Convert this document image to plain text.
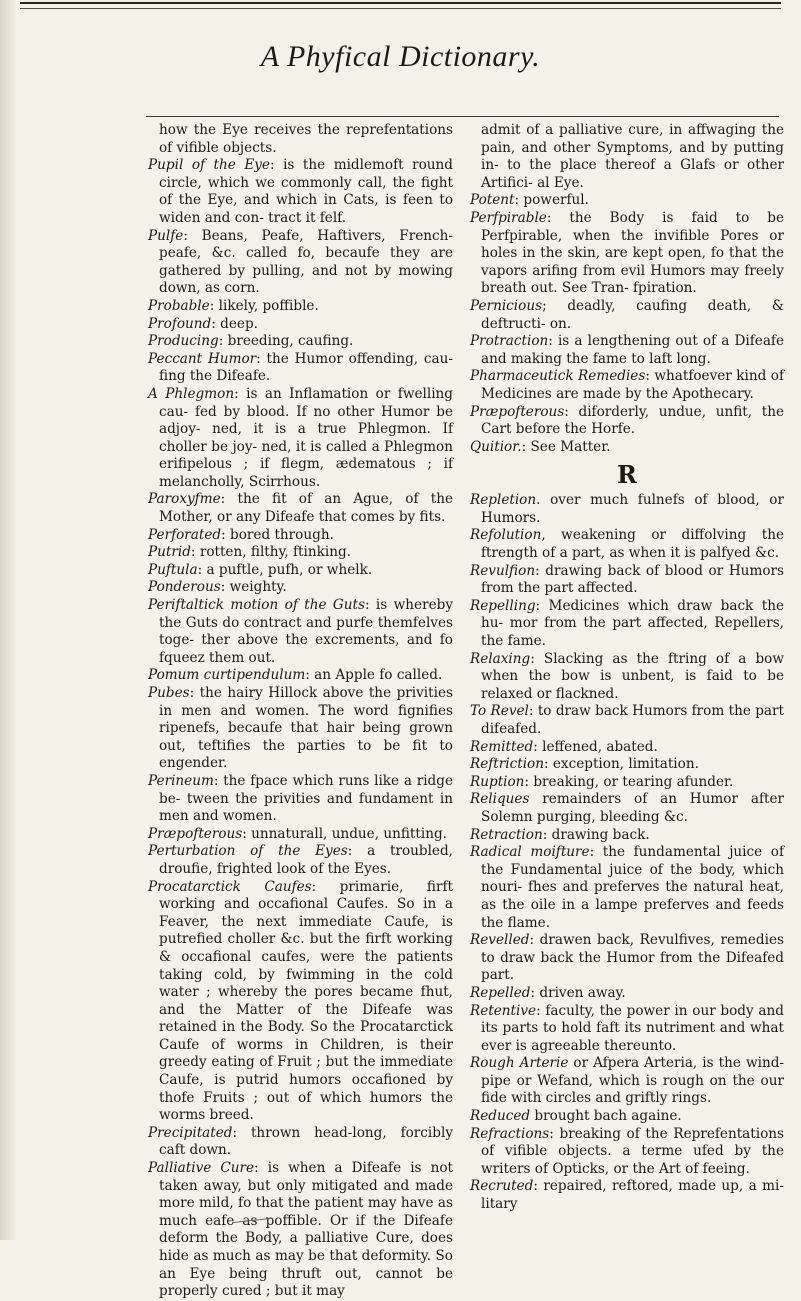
A Phyfical Dictionary.

how the Eye receives the reprefentations of vifible objects.

Pupil of the Eye: is the midlemoft round circle, which we commonly call, the fight of the Eye, and which in Cats, is feen to widen and con- tract it felf.

Pulfe: Beans, Peafe, Haftivers, French-peafe, &c. called fo, becaufe they are gathered by pulling, and not by mowing down, as corn.

Probable: likely, poffible.

Profound: deep.

Producing: breeding, caufing.

Peccant Humor: the Humor offending, cau- fing the Difeafe.

A Phlegmon: is an Inflamation or fwelling cau- fed by blood. If no other Humor be adjoy- ned, it is a true Phlegmon. If choller be joy- ned, it is called a Phlegmon erifipelous ; if flegm, ædematous ; if melancholly, Scirrhous.

Paroxyfme: the fit of an Ague, of the Mother, or any Difeafe that comes by fits.

Perforated: bored through.

Putrid: rotten, filthy, ftinking.

Puftula: a puftle, pufh, or whelk.

Ponderous: weighty.

Periftaltick motion of the Guts: is whereby the Guts do contract and purfe themfelves toge- ther above the excrements, and fo fqueez them out.

Pomum curtipendulum: an Apple fo called.

Pubes: the hairy Hillock above the privities in men and women. The word fignifies ripenefs, becaufe that hair being grown out, teftifies the parties to be fit to engender.

Perineum: the fpace which runs like a ridge be- tween the privities and fundament in men and women.

Præpofterous: unnaturall, undue, unfitting.

Perturbation of the Eyes: a troubled, droufie, frighted look of the Eyes.

Procatarctick Caufes: primarie, firft working and occafional Caufes. So in a Feaver, the next immediate Caufe, is putrefied choller &c. but the firft working & occafional caufes, were the patients taking cold, by fwimming in the cold water ; whereby the pores became fhut, and the Matter of the Difeafe was retained in the Body. So the Procatarctick Caufe of worms in Children, is their greedy eating of Fruit ; but the immediate Caufe, is putrid humors occafioned by thofe Fruits ; out of which humors the worms breed.

Precipitated: thrown head-long, forcibly caft down.

Palliative Cure: is when a Difeafe is not taken away, but only mitigated and made more mild, fo that the patient may have as much eafe as poffible. Or if the Difeafe deform the Body, a palliative Cure, does hide as much as may be that deformity. So an Eye being thruft out, cannot be properly cured ; but it may

admit of a palliative cure, in affwaging the pain, and other Symptoms, and by putting in- to the place thereof a Glafs or other Artifici- al Eye.

Potent: powerful.

Perfpirable: the Body is faid to be Perfpirable, when the invifible Pores or holes in the skin, are kept open, fo that the vapors arifing from evil Humors may freely breath out. See Tran- fpiration.

Pernicious; deadly, caufing death, & deftructi- on.

Protraction: is a lengthening out of a Difeafe and making the fame to laft long.

Pharmaceutick Remedies: whatfoever kind of Medicines are made by the Apothecary.

Præpofterous: diforderly, undue, unfit, the Cart before the Horfe.

Quitior.: See Matter.

R

Repletion. over much fulnefs of blood, or Humors.

Refolution, weakening or diffolving the ftrength of a part, as when it is palfyed &c.

Revulfion: drawing back of blood or Humors from the part affected.

Repelling: Medicines which draw back the hu- mor from the part affected, Repellers, the fame.

Relaxing: Slacking as the ftring of a bow when the bow is unbent, is faid to be relaxed or flackned.

To Revel: to draw back Humors from the part difeafed.

Remitted: leffened, abated.

Reftriction: exception, limitation.

Ruption: breaking, or tearing afunder.

Reliques remainders of an Humor after Solemn purging, bleeding &c.

Retraction: drawing back.

Radical moifture: the fundamental juice of the Fundamental juice of the body, which nouri- fhes and preferves the natural heat, as the oile in a lampe preferves and feeds the flame.

Revelled: drawen back, Revulfives, remedies to draw back the Humor from the Difeafed part.

Repelled: driven away.

Retentive: faculty, the power in our body and its parts to hold faft its nutriment and what ever is agreeable thereunto.

Rough Arterie or Afpera Arteria, is the wind- pipe or Wefand, which is rough on the our fide with circles and griftly rings.

Reduced brought bach againe.

Refractions: breaking of the Reprefentations of vifible objects. a terme ufed by the writers of Opticks, or the Art of feeing.

Recruted: repaired, reftored, made up, a mi- litary
